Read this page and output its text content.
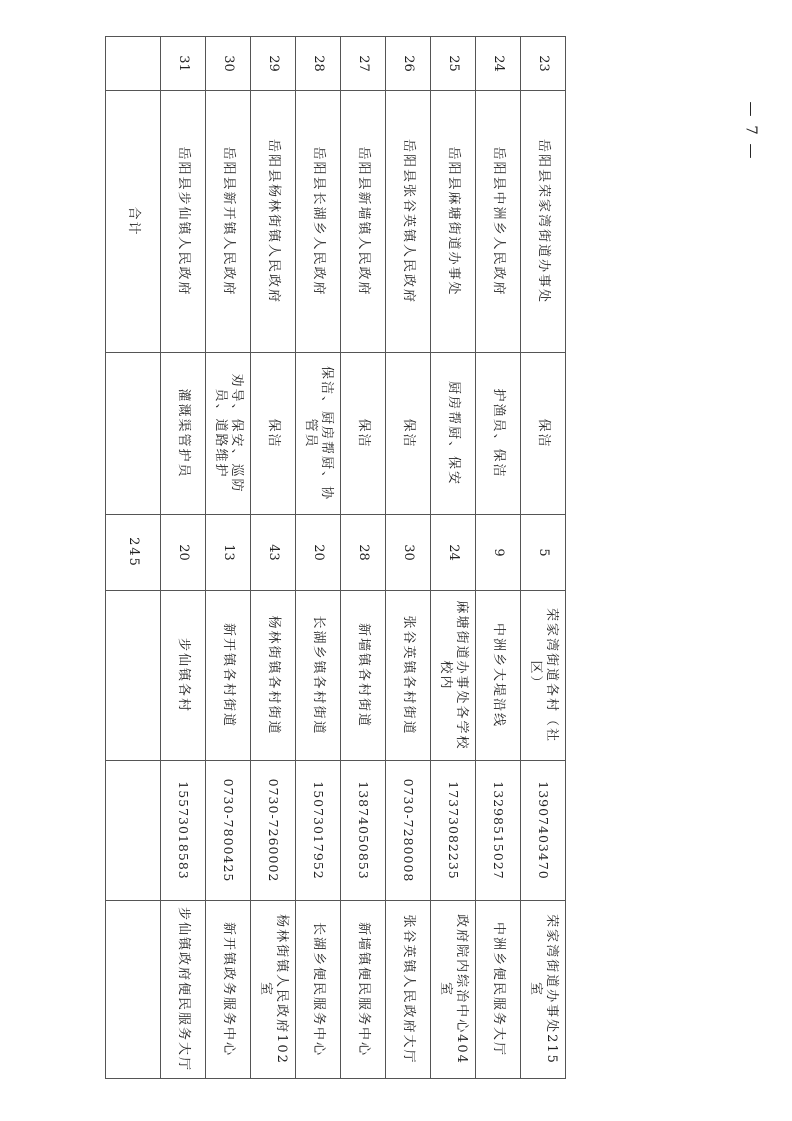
23	岳阳县荣家湾街道办事处	保洁	5	荣家湾街道各村（社区）	13907403470	荣家湾街道办事处215室
24	岳阳县中洲乡人民政府	护渔员、保洁	9	中洲乡大堤沿线	13298515027	中洲乡便民服务大厅
25	岳阳县麻塘街道办事处	厨房帮厨、保安	24	麻塘街道办事处各学校校内	17373082235	政府院内综治中心404室
26	岳阳县张谷英镇人民政府	保洁	30	张谷英镇各村街道	0730-7280008	张谷英镇人民政府大厅
27	岳阳县新墙镇人民政府	保洁	28	新墙镇各村街道	13874050853	新墙镇便民服务中心
28	岳阳县长湖乡人民政府	保洁、厨房帮厨、协管员	20	长湖乡镇各村街道	15073017952	长湖乡便民服务中心
29	岳阳县杨林街镇人民政府	保洁	43	杨林街镇各村街道	0730-7260002	杨林街镇人民政府102室
30	岳阳县新开镇人民政府	劝导、保安、巡防员、道路维护	13	新开镇各村街道	0730-7800425	新开镇政务服务中心
31	岳阳县步仙镇人民政府	灌溉渠管护员	20	步仙镇各村	15573018583	步仙镇政府便民服务大厅
	合计		245			
— 7 —
